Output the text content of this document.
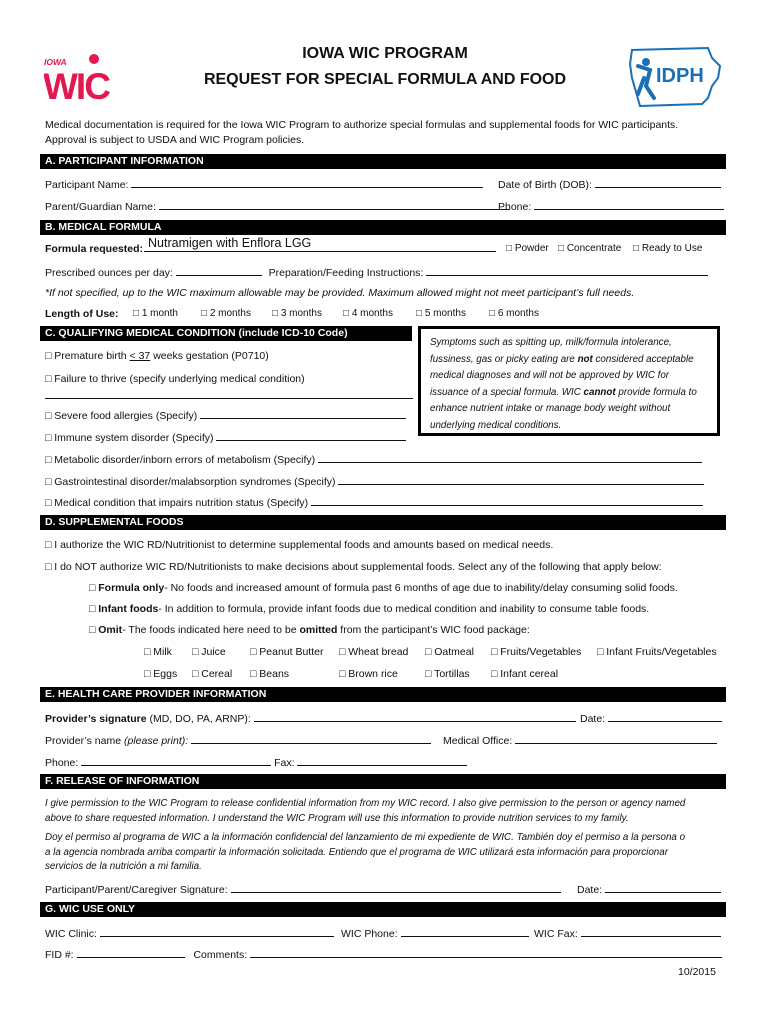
IOWA
WIC
IOWA WIC PROGRAM
REQUEST FOR SPECIAL FORMULA AND FOOD	IDPH
Medical documentation is required for the Iowa WIC Program to authorize special formulas and supplemental foods for WIC participants.
Approval is subject to USDA and WIC Program policies.
A. PARTICIPANT INFORMATION
Participant Name:	Date of Birth (DOB):
Parent/Guardian Name:	Phone:
B. MEDICAL FORMULA
Formula requested: Nutramigen with Enflora LGG	□ Powder □ Concentrate □ Ready to Use
Prescribed ounces per day:	Preparation/Feeding Instructions:
*If not specified, up to the WIC maximum allowable may be provided. Maximum allowed might not meet participant’s full needs.
Length of Use: □ 1 month □ 2 months □ 3 months □ 4 months □ 5 months □ 6 months
C. QUALIFYING MEDICAL CONDITION (include ICD-10 Code)
Symptoms such as spitting up, milk/formula intolerance,
fussiness, gas or picky eating are not considered acceptable
medical diagnoses and will not be approved by WIC for
issuance of a special formula. WIC cannot provide formula to
enhance nutrient intake or manage body weight without
underlying medical conditions.
□ Premature birth < 37 weeks gestation (P0710)
□ Failure to thrive (specify underlying medical condition)
□ Severe food allergies (Specify)
□ Immune system disorder (Specify)
□ Metabolic disorder/inborn errors of metabolism (Specify)
□ Gastrointestinal disorder/malabsorption syndromes (Specify)
□ Medical condition that impairs nutrition status (Specify)
D. SUPPLEMENTAL FOODS
□ I authorize the WIC RD/Nutritionist to determine supplemental foods and amounts based on medical needs.
□ I do NOT authorize WIC RD/Nutritionists to make decisions about supplemental foods. Select any of the following that apply below:
□ Formula only- No foods and increased amount of formula past 6 months of age due to inability/delay consuming solid foods.
□ Infant foods- In addition to formula, provide infant foods due to medical condition and inability to consume table foods.
□ Omit- The foods indicated here need to be omitted from the participant’s WIC food package:
□ Milk □ Juice □ Peanut Butter □ Wheat bread □ Oatmeal □ Fruits/Vegetables □ Infant Fruits/Vegetables
□ Eggs □ Cereal □ Beans	□ Brown rice	□ Tortillas □ Infant cereal
E. HEALTH CARE PROVIDER INFORMATION
Provider’s signature (MD, DO, PA, ARNP):	Date:
Provider’s name (please print):	Medical Office:
Phone:	Fax:
F. RELEASE OF INFORMATION
I give permission to the WIC Program to release confidential information from my WIC record. I also give permission to the person or agency named
above to share requested information. I understand the WIC Program will use this information to provide nutrition services to my family.
Doy el permiso al programa de WIC a la información confidencial del lanzamiento de mi expediente de WIC. También doy el permiso a la persona o
a la agencia nombrada arriba compartir la información solicitada. Entiendo que el programa de WIC utilizará esta información para proporcionar
servicios de la nutrición a mi familia.
Participant/Parent/Caregiver Signature:	Date:
G. WIC USE ONLY
WIC Clinic:	WIC Phone:	WIC Fax:
FID #:	Comments:
10/2015
